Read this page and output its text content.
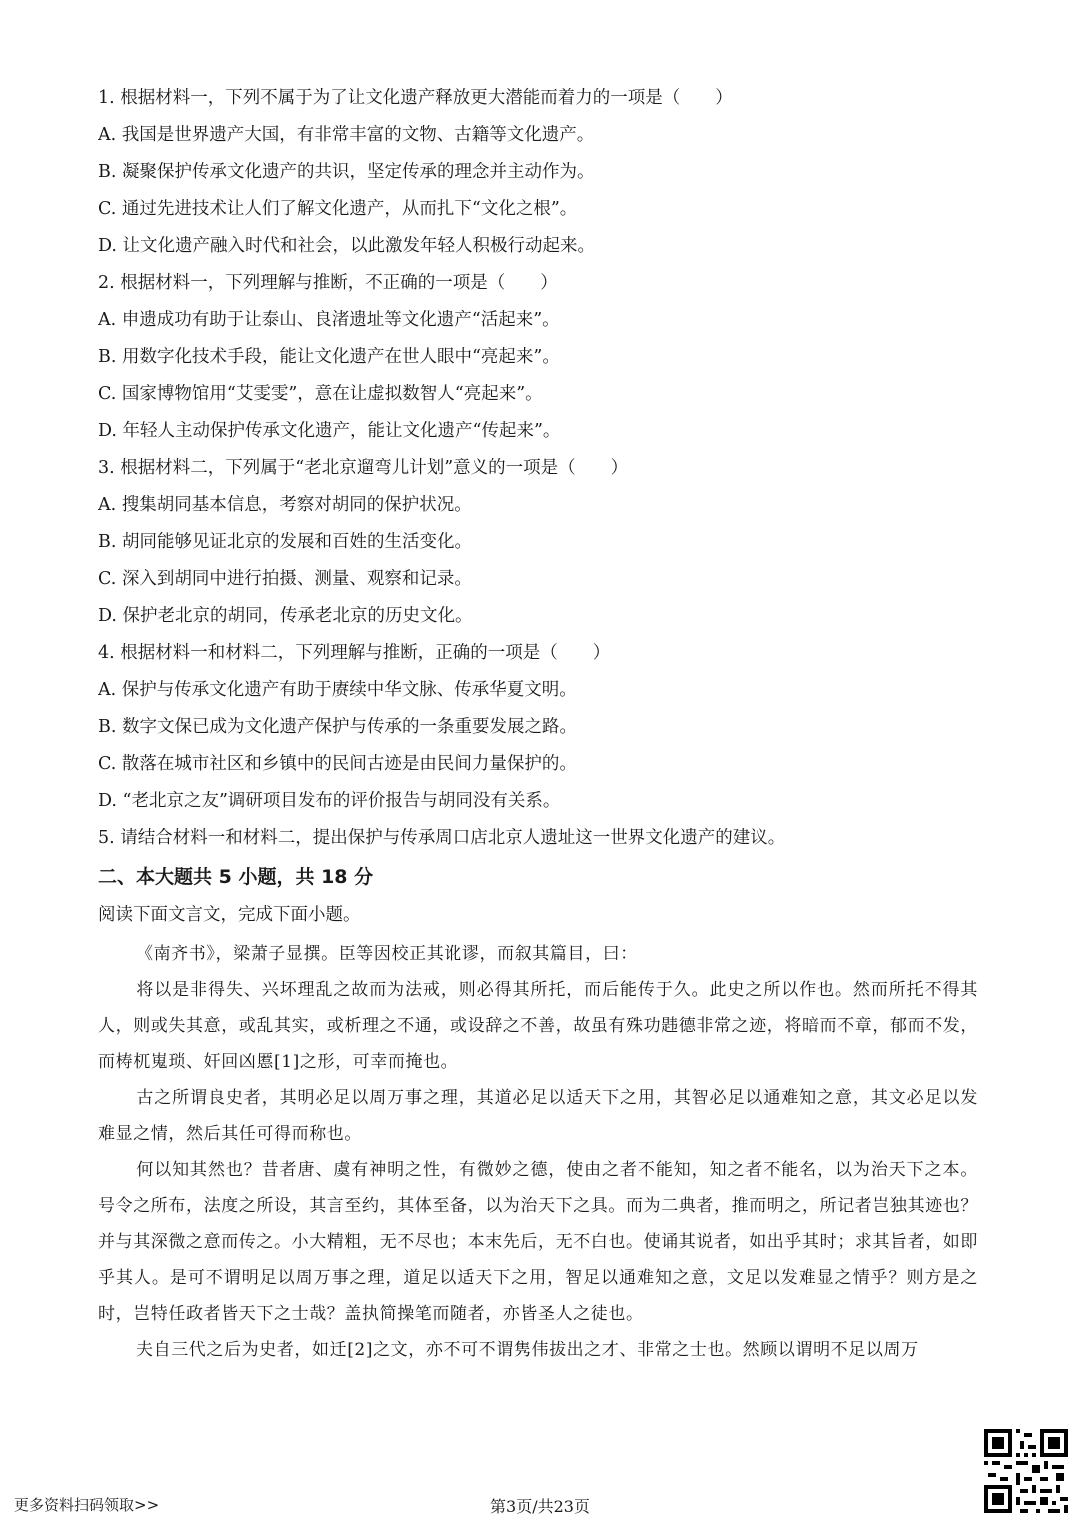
1. 根据材料一，下列不属于为了让文化遗产释放更大潜能而着力的一项是（　　）
A. 我国是世界遗产大国，有非常丰富的文物、古籍等文化遗产。
B. 凝聚保护传承文化遗产的共识，坚定传承的理念并主动作为。
C. 通过先进技术让人们了解文化遗产，从而扎下“文化之根”。
D. 让文化遗产融入时代和社会，以此激发年轻人积极行动起来。
2. 根据材料一，下列理解与推断，不正确的一项是（　　）
A. 申遗成功有助于让泰山、良渚遗址等文化遗产“活起来”。
B. 用数字化技术手段，能让文化遗产在世人眼中“亮起来”。
C. 国家博物馆用“艾雯雯”，意在让虚拟数智人“亮起来”。
D. 年轻人主动保护传承文化遗产，能让文化遗产“传起来”。
3. 根据材料二，下列属于“老北京遛弯儿计划”意义的一项是（　　）
A. 搜集胡同基本信息，考察对胡同的保护状况。
B. 胡同能够见证北京的发展和百姓的生活变化。
C. 深入到胡同中进行拍摄、测量、观察和记录。
D. 保护老北京的胡同，传承老北京的历史文化。
4. 根据材料一和材料二，下列理解与推断，正确的一项是（　　）
A. 保护与传承文化遗产有助于赓续中华文脉、传承华夏文明。
B. 数字文保已成为文化遗产保护与传承的一条重要发展之路。
C. 散落在城市社区和乡镇中的民间古迹是由民间力量保护的。
D. “老北京之友”调研项目发布的评价报告与胡同没有关系。
5. 请结合材料一和材料二，提出保护与传承周口店北京人遗址这一世界文化遗产的建议。
二、本大题共 5 小题，共 18 分
阅读下面文言文，完成下面小题。
《南齐书》，梁萧子显撰。臣等因校正其讹谬，而叙其篇目，曰：
将以是非得失、兴坏理乱之故而为法戒，则必得其所托，而后能传于久。此史之所以作也。然而所托不得其人，则或失其意，或乱其实，或析理之不通，或设辞之不善，故虽有殊功韪德非常之迹，将暗而不章，郁而不发，而梼杌嵬琐、奸回凶慝[1]之形，可幸而掩也。
古之所谓良史者，其明必足以周万事之理，其道必足以适天下之用，其智必足以通难知之意，其文必足以发难显之情，然后其任可得而称也。
何以知其然也？昔者唐、虞有神明之性，有微妙之德，使由之者不能知，知之者不能名，以为治天下之本。号令之所布，法度之所设，其言至约，其体至备，以为治天下之具。而为二典者，推而明之，所记者岂独其迹也？并与其深微之意而传之。小大精粗，无不尽也；本末先后，无不白也。使诵其说者，如出乎其时；求其旨者，如即乎其人。是可不谓明足以周万事之理，道足以适天下之用，智足以通难知之意，文足以发难显之情乎？则方是之时，岂特任政者皆天下之士哉？盖执简操笔而随者，亦皆圣人之徒也。
夫自三代之后为史者，如迁[2]之文，亦不可不谓隽伟拔出之才、非常之士也。然顾以谓明不足以周万
更多资料扫码领取>>	第3页/共23页
